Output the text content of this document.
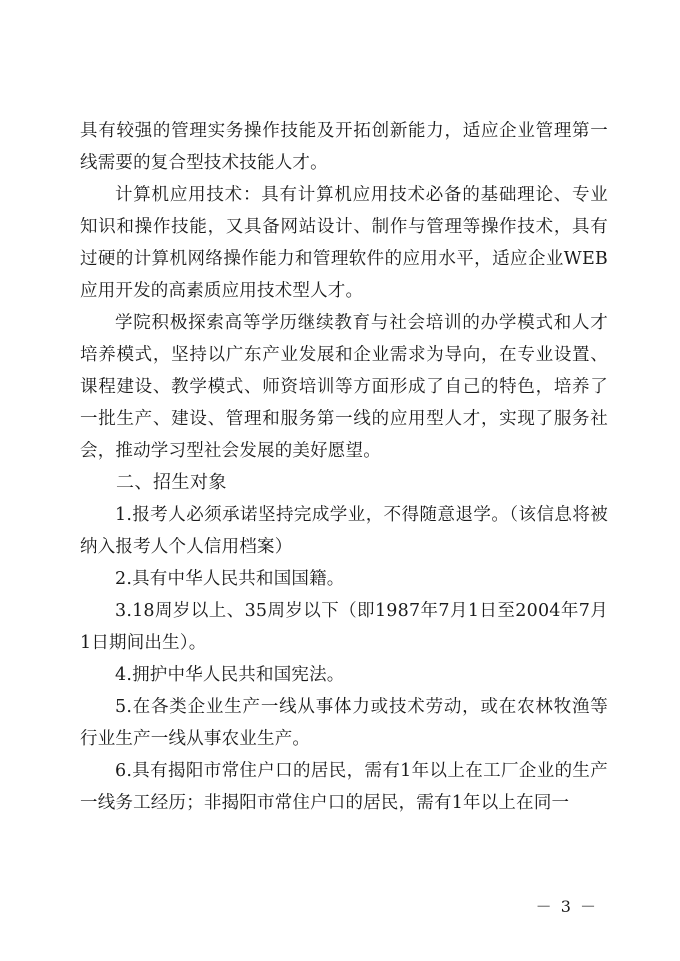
具有较强的管理实务操作技能及开拓创新能力，适应企业管理第一线需要的复合型技术技能人才。

计算机应用技术：具有计算机应用技术必备的基础理论、专业知识和操作技能，又具备网站设计、制作与管理等操作技术，具有过硬的计算机网络操作能力和管理软件的应用水平，适应企业WEB应用开发的高素质应用技术型人才。

学院积极探索高等学历继续教育与社会培训的办学模式和人才培养模式，坚持以广东产业发展和企业需求为导向，在专业设置、课程建设、教学模式、师资培训等方面形成了自己的特色，培养了一批生产、建设、管理和服务第一线的应用型人才，实现了服务社会，推动学习型社会发展的美好愿望。

二、招生对象

1.报考人必须承诺坚持完成学业，不得随意退学。（该信息将被纳入报考人个人信用档案）

2.具有中华人民共和国国籍。

3.18周岁以上、35周岁以下（即1987年7月1日至2004年7月1日期间出生）。

4.拥护中华人民共和国宪法。

5.在各类企业生产一线从事体力或技术劳动，或在农林牧渔等行业生产一线从事农业生产。

6.具有揭阳市常住户口的居民，需有1年以上在工厂企业的生产一线务工经历；非揭阳市常住户口的居民，需有1年以上在同一

－ 3 －
